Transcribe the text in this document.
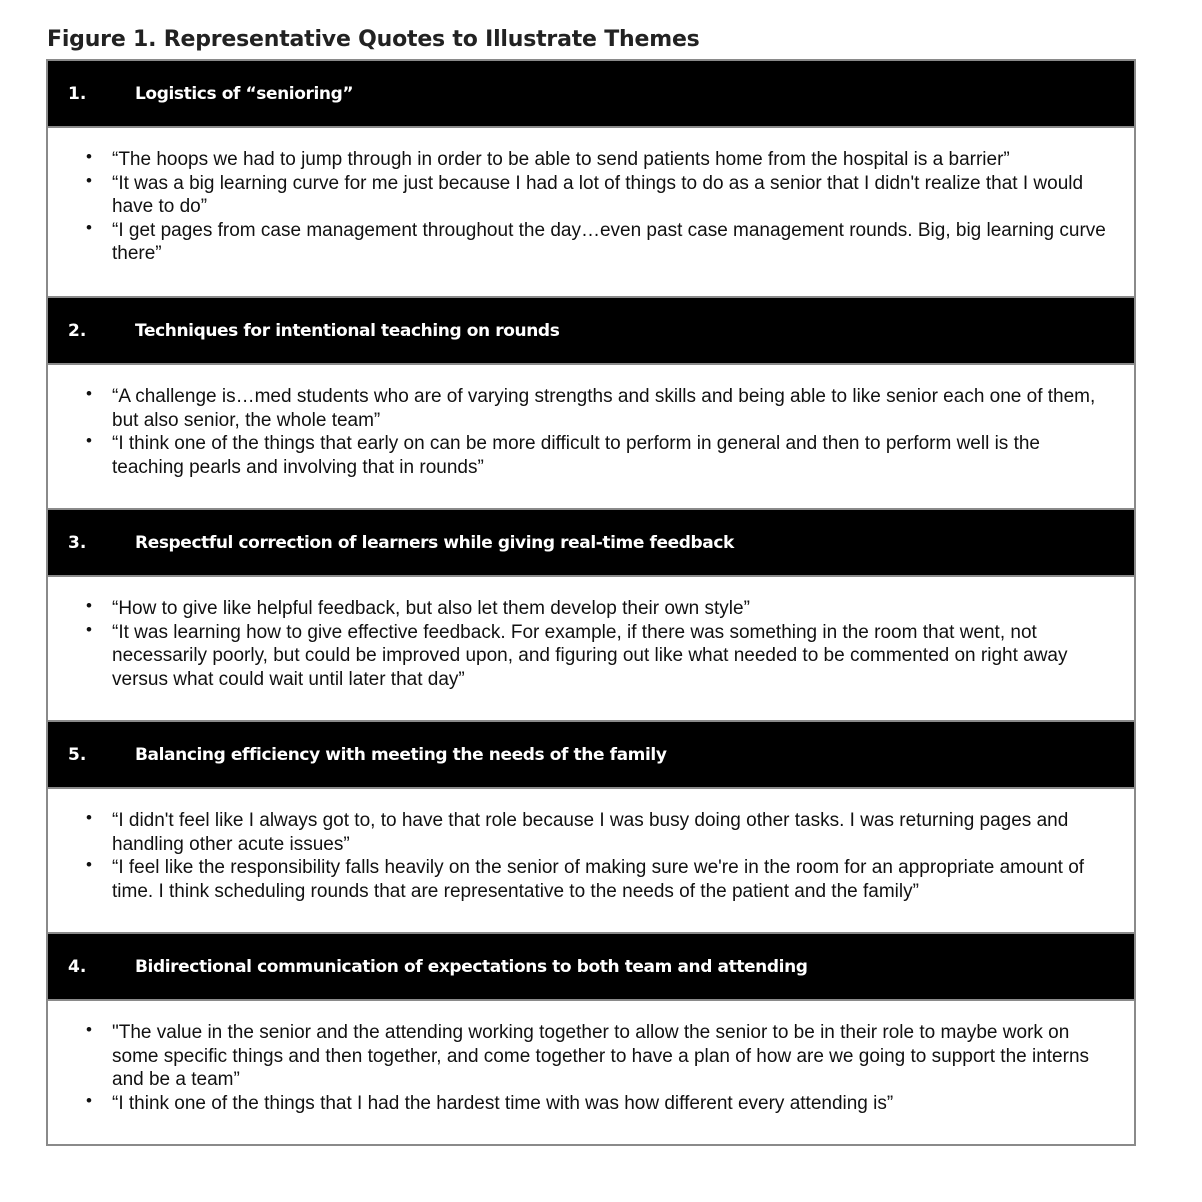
Figure 1. Representative Quotes to Illustrate Themes
1.	Logistics of “senioring”
• “The hoops we had to jump through in order to be able to send patients home from the hospital is a barrier”
• “It was a big learning curve for me just because I had a lot of things to do as a senior that I didn't realize that I would have to do”
• “I get pages from case management throughout the day…even past case management rounds. Big, big learning curve there”
2.	Techniques for intentional teaching on rounds
• “A challenge is…med students who are of varying strengths and skills and being able to like senior each one of them, but also senior, the whole team”
• “I think one of the things that early on can be more difficult to perform in general and then to perform well is the teaching pearls and involving that in rounds”
3.	Respectful correction of learners while giving real-time feedback
• “How to give like helpful feedback, but also let them develop their own style”
• “It was learning how to give effective feedback. For example, if there was something in the room that went, not necessarily poorly, but could be improved upon, and figuring out like what needed to be commented on right away versus what could wait until later that day”
5.	Balancing efficiency with meeting the needs of the family
• “I didn't feel like I always got to, to have that role because I was busy doing other tasks. I was returning pages and handling other acute issues”
• “I feel like the responsibility falls heavily on the senior of making sure we're in the room for an appropriate amount of time. I think scheduling rounds that are representative to the needs of the patient and the family”
4.	Bidirectional communication of expectations to both team and attending
• "The value in the senior and the attending working together to allow the senior to be in their role to maybe work on some specific things and then together, and come together to have a plan of how are we going to support the interns and be a team”
• “I think one of the things that I had the hardest time with was how different every attending is”
